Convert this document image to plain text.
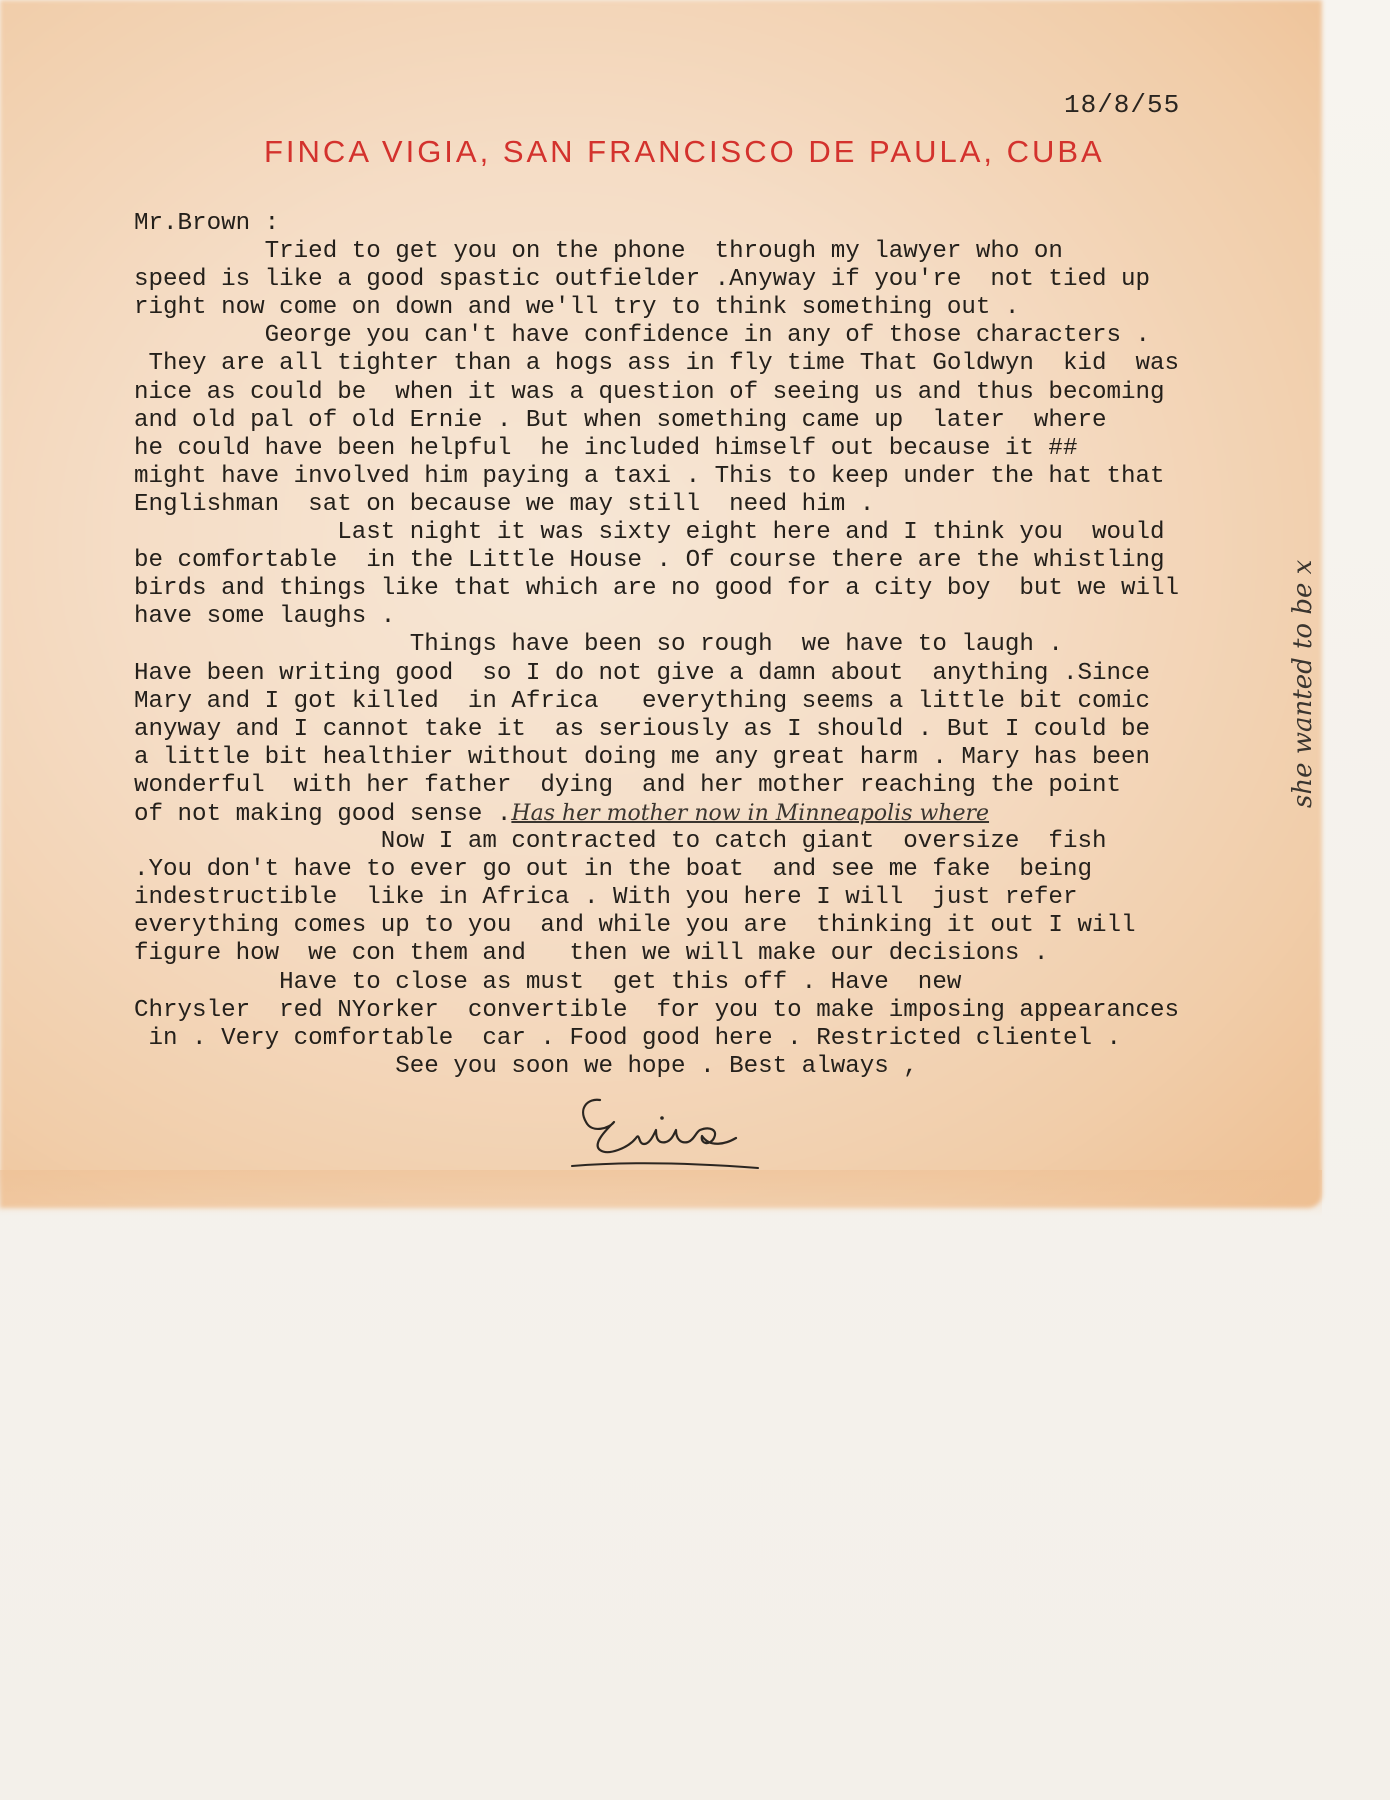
18/8/55
FINCA VIGIA, SAN FRANCISCO DE PAULA, CUBA
Mr.Brown :
Tried to get you on the phone  through my lawyer who on
speed is like a good spastic outfielder .Anyway if you're  not tied up
right now come on down and we'll try to think something out .
George you can't have confidence in any of those characters .
They are all tighter than a hogs ass in fly time That Goldwyn  kid  was
nice as could be  when it was a question of seeing us and thus becoming
and old pal of old Ernie . But when something came up  later  where
he could have been helpful  he included himself out because it ##
might have involved him paying a taxi . This to keep under the hat that
Englishman  sat on because we may still  need him .
Last night it was sixty eight here and I think you  would
be comfortable  in the Little House . Of course there are the whistling
birds and things like that which are no good for a city boy  but we will
have some laughs .
Things have been so rough  we have to laugh .
Have been writing good  so I do not give a damn about  anything .Since
Mary and I got killed  in Africa   everything seems a little bit comic
anyway and I cannot take it  as seriously as I should . But I could be
a little bit healthier without doing me any great harm . Mary has been
wonderful  with her father  dying  and her mother reaching the point
of not making good sense .Has her mother now in Minneapolis where
Now I am contracted to catch giant  oversize  fish
.You don't have to ever go out in the boat  and see me fake  being
indestructible  like in Africa . With you here I will  just refer
everything comes up to you  and while you are  thinking it out I will
figure how  we con them and   then we will make our decisions .
Have to close as must  get this off . Have  new
Chrysler  red NYorker  convertible  for you to make imposing appearances
in . Very comfortable  car . Food good here . Restricted clientel .
See you soon we hope . Best always ,
she wanted to be x
